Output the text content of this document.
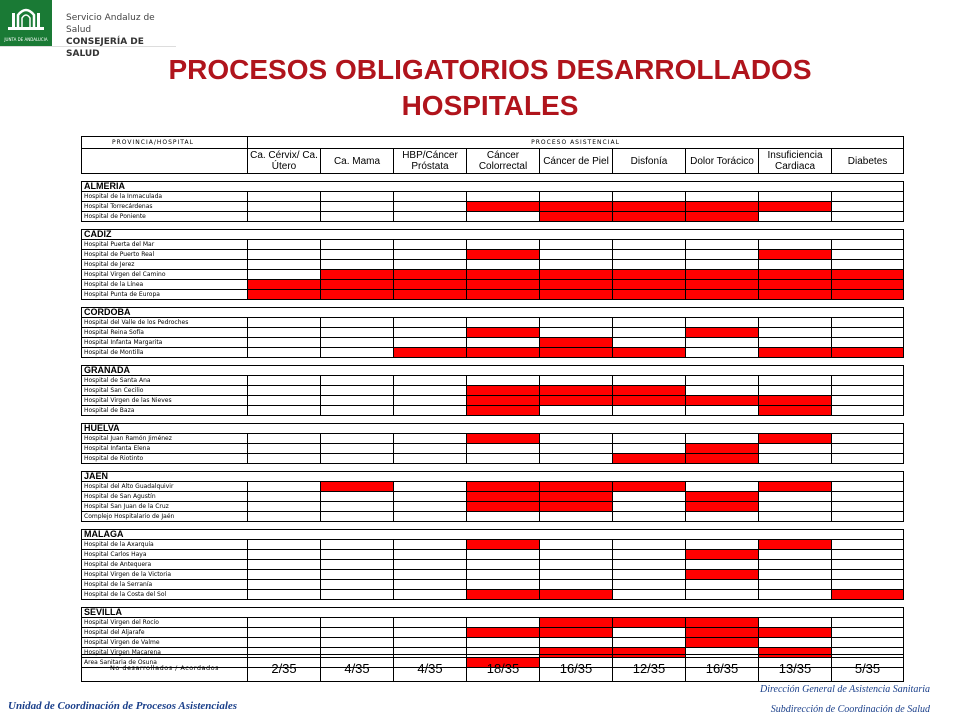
JUNTA DE ANDALUCIA
Servicio Andaluz de Salud
CONSEJERÍA DE SALUD	PROCESOS OBLIGATORIOS DESARROLLADOS
HOSPITALES
PROVINCIA/HOSPITAL	PROCESO ASISTENCIAL								
	Ca. Cérvix/ Ca. Útero	Ca. Mama	HBP/Cáncer Próstata	Cáncer Colorrectal	Cáncer de Piel	Disfonía	Dolor Torácico	Insuficiencia Cardiaca	Diabetes

ALMERIA									
Hospital de la Inmaculada									
Hospital Torrecárdenas									
Hospital de Poniente									

CADIZ									
Hospital Puerta del Mar									
Hospital de Puerto Real									
Hospital de Jerez									
Hospital Virgen del Camino									
Hospital de la Línea									
Hospital Punta de Europa									

CORDOBA									
Hospital del Valle de los Pedroches									
Hospital Reina Sofía									
Hospital Infanta Margarita									
Hospital de Montilla									

GRANADA									
Hospital de Santa Ana									
Hospital San Cecilio									
Hospital Virgen de las Nieves									
Hospital de Baza									

HUELVA									
Hospital Juan Ramón Jiménez									
Hospital Infanta Elena									
Hospital de Riotinto									

JAEN									
Hospital del Alto Guadalquivir									
Hospital de San Agustín									
Hospital San Juan de la Cruz									
Complejo Hospitalario de Jaén									

MALAGA									
Hospital de la Axarquía									
Hospital Carlos Haya									
Hospital de Antequera									
Hospital Virgen de la Victoria									
Hospital de la Serranía									
Hospital de la Costa del Sol									

SEVILLA									
Hospital Virgen del Rocío									
Hospital del Aljarafe									
Hospital Virgen de Valme									
Hospital Virgen Macarena									
Area Sanitaria de Osuna									
No desarrollados / Acordados	2/35	4/35	4/35	18/35	16/35	12/35	16/35	13/35	5/35
Unidad de Coordinación de Procesos Asistenciales
Dirección General de Asistencia Sanitaria
Subdirección de Coordinación de Salud
